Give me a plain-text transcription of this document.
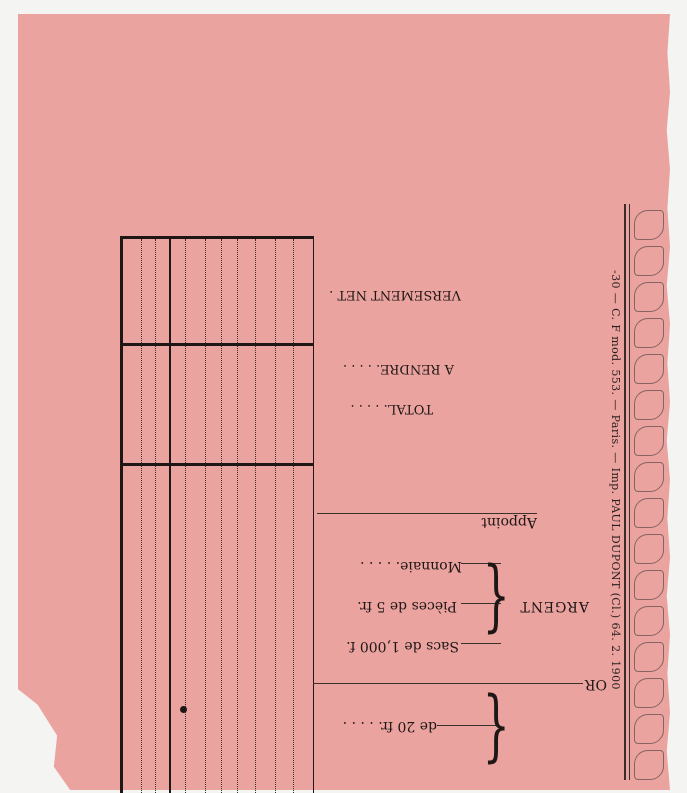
-30 — C. F mod. 553. — Paris. — Imp. PAUL DUPONT (Cl.) 64. 2. 1900
VERSEMENT NET .
A RENDRE. . . . .
TOTAL. . . . .
Appoint
Monnaie. . . . .
Pièces de 5 fr.
Sacs de 1,000 f. { ARGENT
OR
de 20 fr. . . . . {
